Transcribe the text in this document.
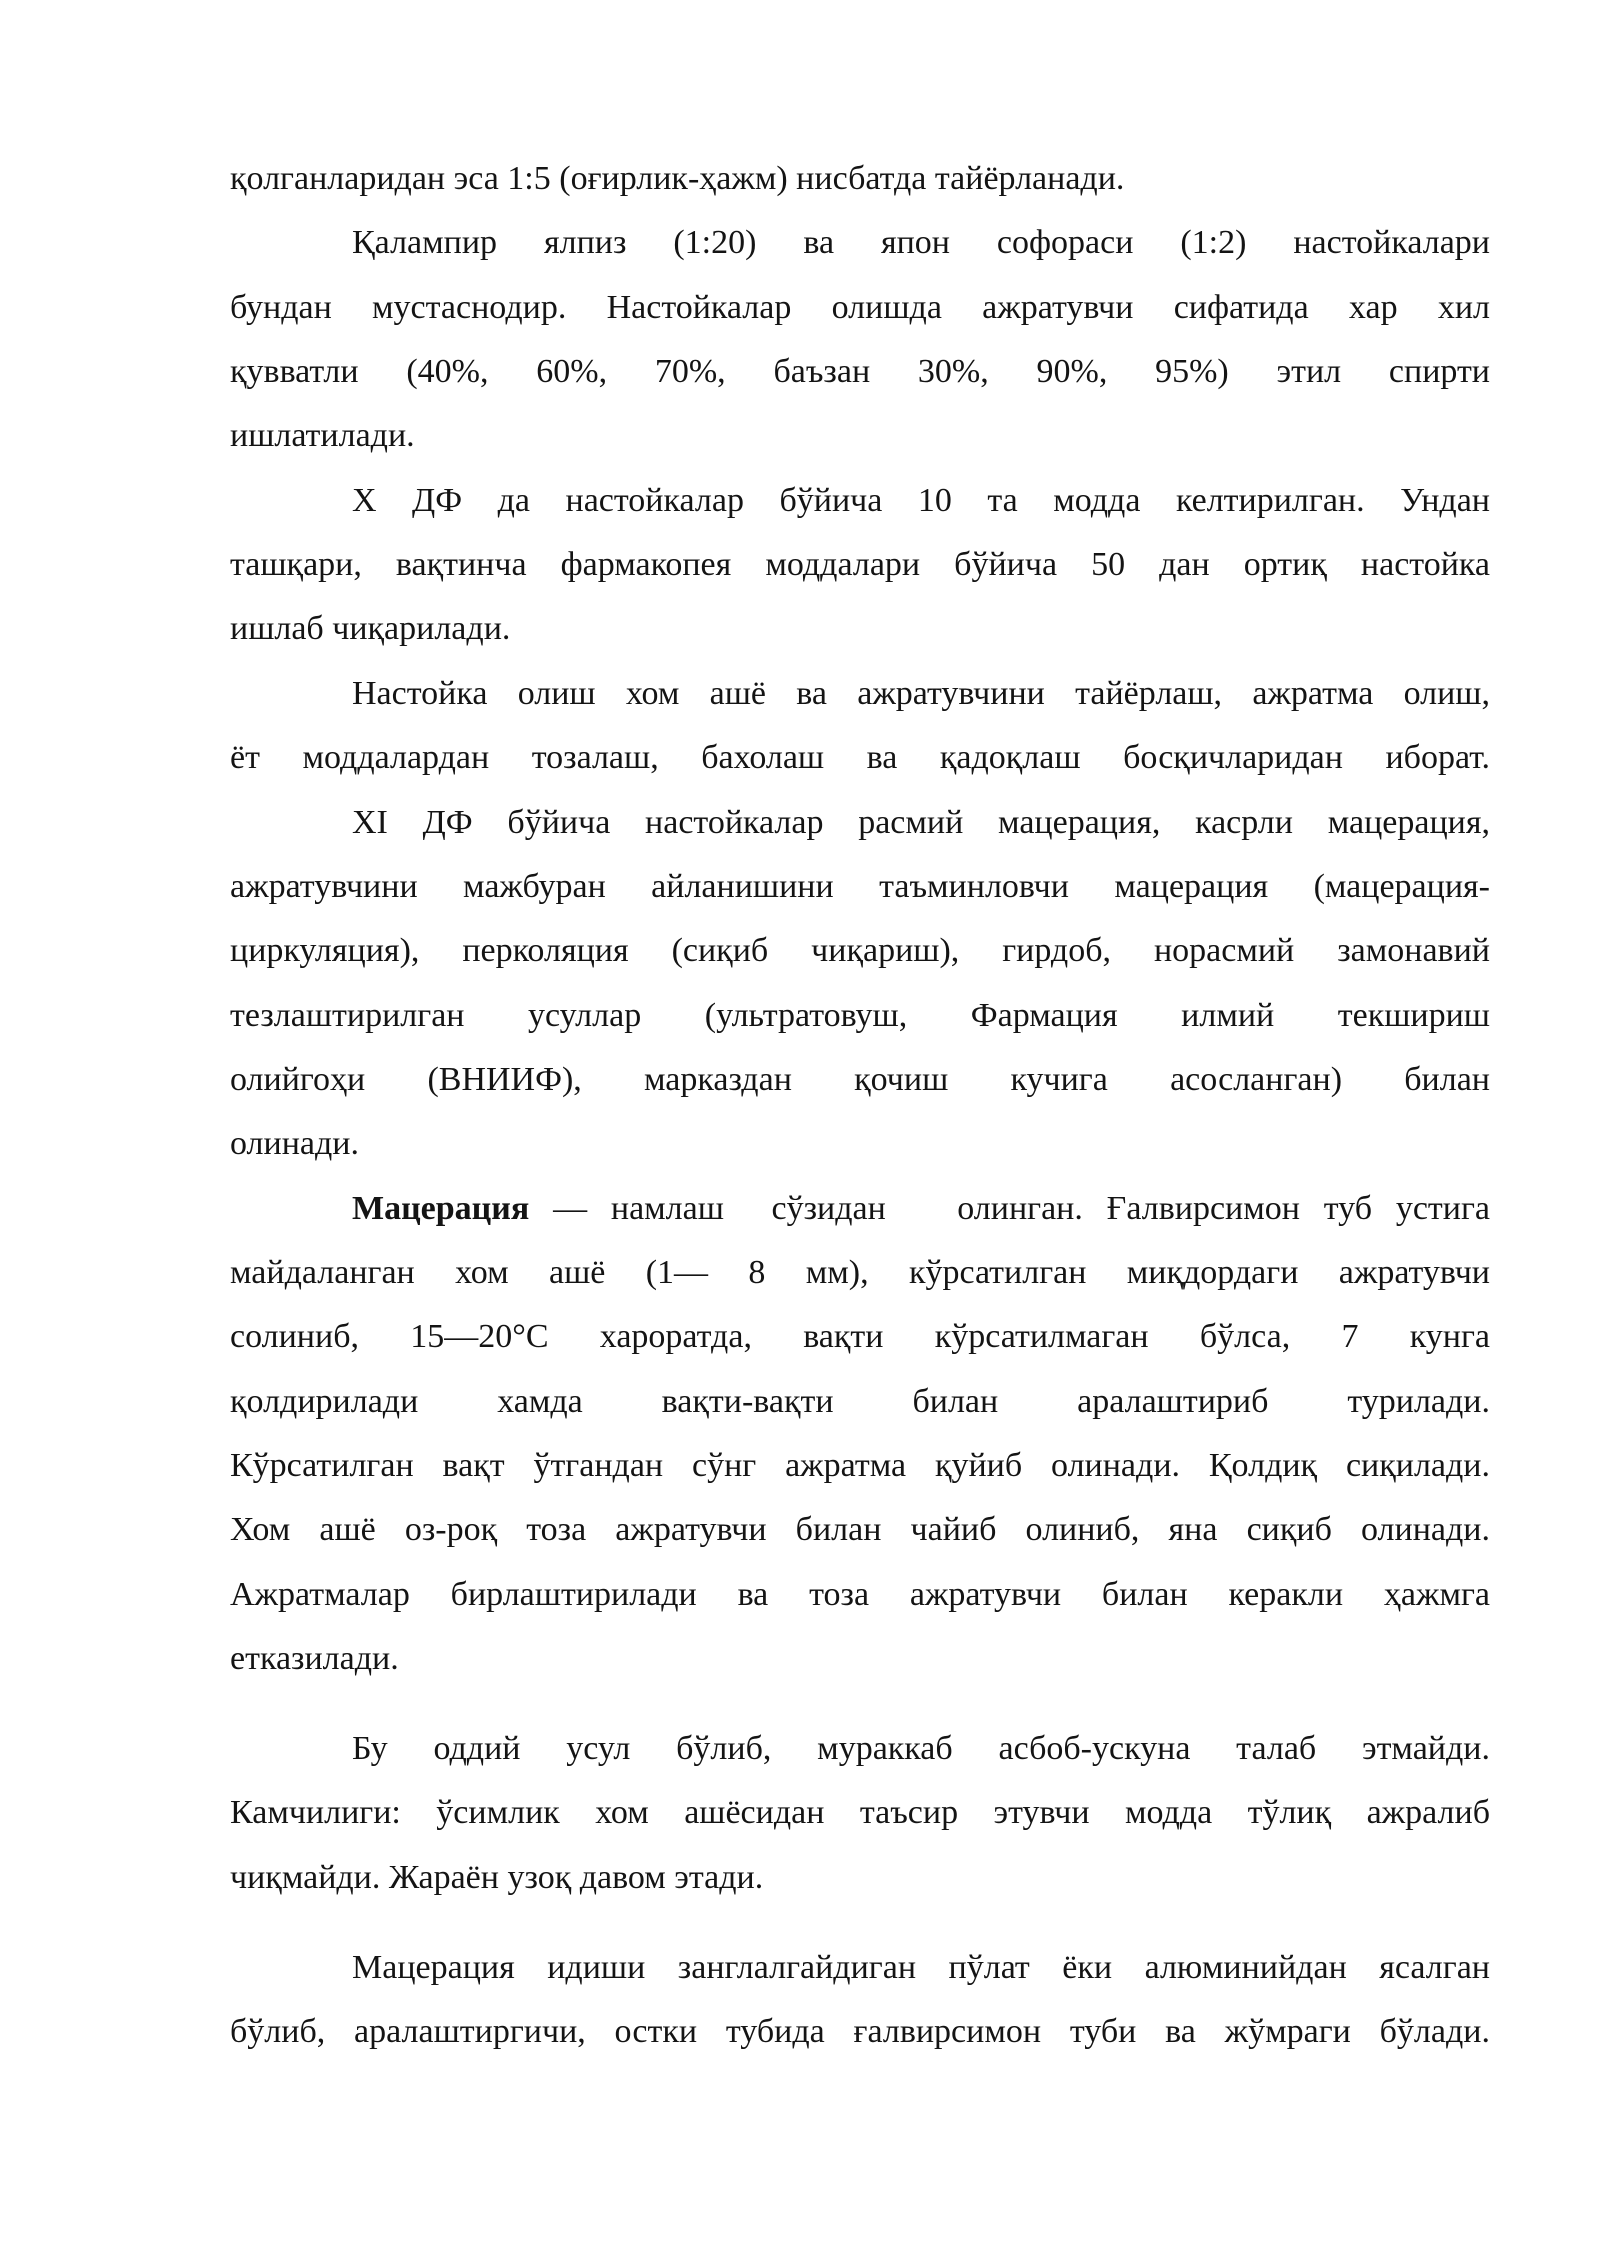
қолганларидан эса 1:5 (оғирлик-ҳажм) нисбатда тайёрланади.
Қалампир ялпиз (1:20) ва япон софораси (1:2) настойкалари
бундан мустаснодир. Настойкалар олишда ажратувчи сифатида хар хил
қувватли (40%, 60%, 70%, баъзан 30%, 90%, 95%) этил спирти
ишлатилади.
X ДФ да настойкалар бўйича 10 та модда келтирилган. Ундан
ташқари, вақтинча фармакопея моддалари бўйича 50 дан ортиқ настойка
ишлаб чиқарилади.
Настойка олиш хом ашё ва ажратувчини тайёрлаш, ажратма олиш,
ёт моддалардан тозалаш, бахолаш ва қадоқлаш босқичларидан иборат.
XI ДФ бўйича настойкалар расмий мацерация, касрли мацерация,
ажратувчини мажбуран айланишини таъминловчи мацерация (мацерация-
циркуляция), перколяция (сиқиб чиқариш), гирдоб, норасмий замонавий
тезлаштирилган усуллар (ультратовуш, Фармация илмий текшириш
олийгоҳи (ВНИИФ), марказдан қочиш кучига асосланган) билан
олинади.
Мацерация — намлаш  сўзидан   олинган. Ғалвирсимон туб устига
майдаланган хом ашё (1— 8 мм), кўрсатилган миқдордаги ажратувчи
солиниб, 15—20°С хароратда, вақти кўрсатилмаган бўлса, 7 кунга
қолдирилади хамда вақти-вақти билан аралаштириб турилади.
Кўрсатилган вақт ўтгандан сўнг ажратма қуйиб олинади. Қолдиқ сиқилади.
Хом ашё оз-роқ тоза ажратувчи билан чайиб олиниб, яна сиқиб олинади.
Ажратмалар бирлаштирилади ва тоза ажратувчи билан керакли ҳажмга
етказилади.
Бу оддий усул бўлиб, мураккаб асбоб-ускуна талаб этмайди.
Камчилиги: ўсимлик хом ашёсидан таъсир этувчи модда тўлиқ ажралиб
чиқмайди. Жараён узоқ давом этади.
Мацерация идиши занглалгайдиган пўлат ёки алюминийдан ясалган
бўлиб, аралаштиргичи, остки тубида ғалвирсимон туби ва жўмраги бўлади.
